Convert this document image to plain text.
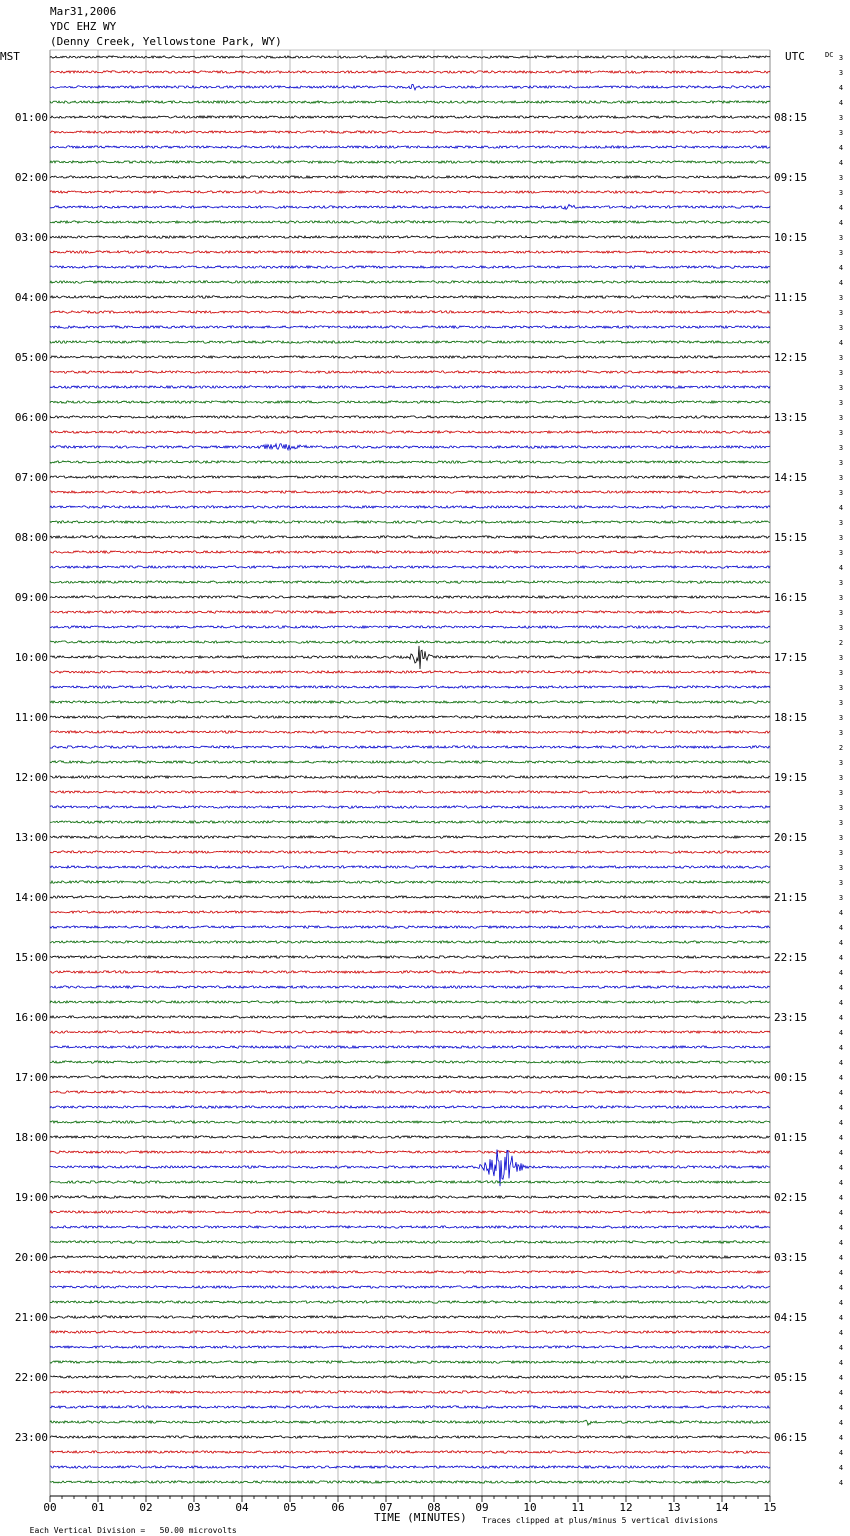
Mar31,2006
YDC EHZ WY
(Denny Creek, Yellowstone Park, WY)
MST	UTC	DC
00	01	02	03	04	05	06	07	08	09	10	11	12	13	14	15
01:00
02:00
03:00
04:00
05:00
06:00
07:00
08:00
09:00
10:00
11:00
12:00
13:00
14:00
15:00
16:00
17:00
18:00
19:00
20:00
21:00
22:00
23:00
08:15
09:15
10:15
11:15
12:15
13:15
14:15
15:15
16:15
17:15
18:15
19:15
20:15
21:15
22:15
23:15
00:15
01:15
02:15
03:15
04:15
05:15
06:15
3
3
4
4
3
3
4
4
3
3
4
4
3
3
4
4
3
3
3
4
3
3
3
3
3
3
3
3
3
3
4
3
3
3
4
3
3
3
3
2
3
3
3
3
3
3
2
3
3
3
3
3
3
3
3
3
3
4
4
4
4
4
4
4
4
4
4
4
4
4
4
4
4
4
4
4
4
4
4
4
4
4
4
4
4
4
4
4
4
4
4
4
4
4
4
4

Each Vertical Division =   50.00 microvolts

TIME (MINUTES) Traces clipped at plus/minus 5 vertical divisions
